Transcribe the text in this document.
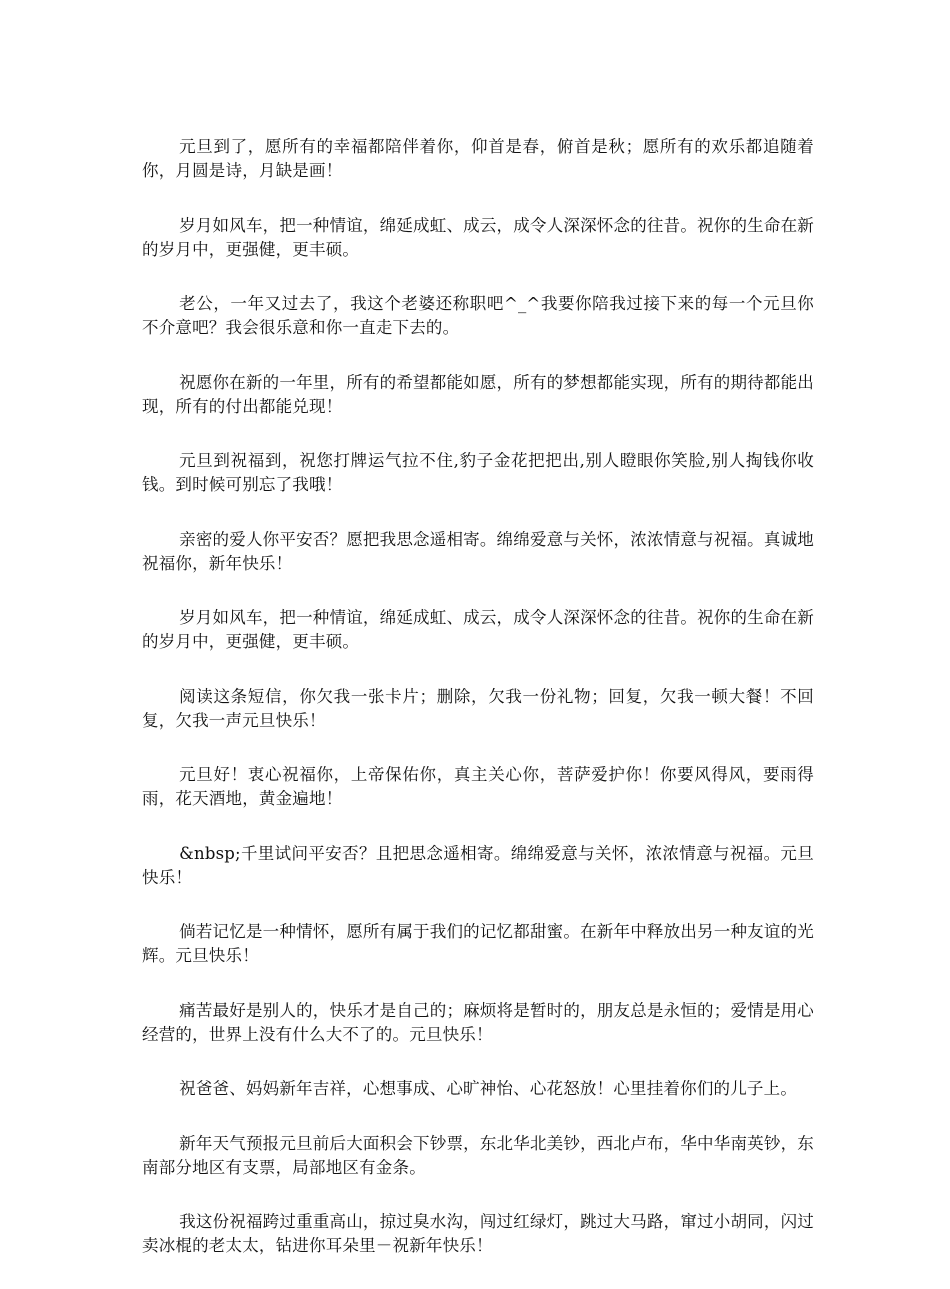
元旦到了，愿所有的幸福都陪伴着你，仰首是春，俯首是秋；愿所有的欢乐都追随着你，月圆是诗，月缺是画！

岁月如风车，把一种情谊，绵延成虹、成云，成令人深深怀念的往昔。祝你的生命在新的岁月中，更强健，更丰硕。

老公，一年又过去了，我这个老婆还称职吧^_^我要你陪我过接下来的每一个元旦你不介意吧？我会很乐意和你一直走下去的。

祝愿你在新的一年里，所有的希望都能如愿，所有的梦想都能实现，所有的期待都能出现，所有的付出都能兑现！

元旦到祝福到，祝您打牌运气拉不住,豹子金花把把出,别人瞪眼你笑脸,别人掏钱你收钱。到时候可别忘了我哦！

亲密的爱人你平安否？愿把我思念遥相寄。绵绵爱意与关怀，浓浓情意与祝福。真诚地祝福你，新年快乐！

岁月如风车，把一种情谊，绵延成虹、成云，成令人深深怀念的往昔。祝你的生命在新的岁月中，更强健，更丰硕。

阅读这条短信，你欠我一张卡片；删除，欠我一份礼物；回复，欠我一顿大餐！不回复，欠我一声元旦快乐！

元旦好！衷心祝福你，上帝保佑你，真主关心你，菩萨爱护你！你要风得风，要雨得雨，花天酒地，黄金遍地！

&nbsp;千里试问平安否？且把思念遥相寄。绵绵爱意与关怀，浓浓情意与祝福。元旦快乐！

倘若记忆是一种情怀，愿所有属于我们的记忆都甜蜜。在新年中释放出另一种友谊的光辉。元旦快乐！

痛苦最好是别人的，快乐才是自己的；麻烦将是暂时的，朋友总是永恒的；爱情是用心经营的，世界上没有什么大不了的。元旦快乐！

祝爸爸、妈妈新年吉祥，心想事成、心旷神怡、心花怒放！心里挂着你们的儿子上。

新年天气预报元旦前后大面积会下钞票，东北华北美钞，西北卢布，华中华南英钞，东南部分地区有支票，局部地区有金条。

我这份祝福跨过重重高山，掠过臭水沟，闯过红绿灯，跳过大马路，窜过小胡同，闪过卖冰棍的老太太，钻进你耳朵里－祝新年快乐！
